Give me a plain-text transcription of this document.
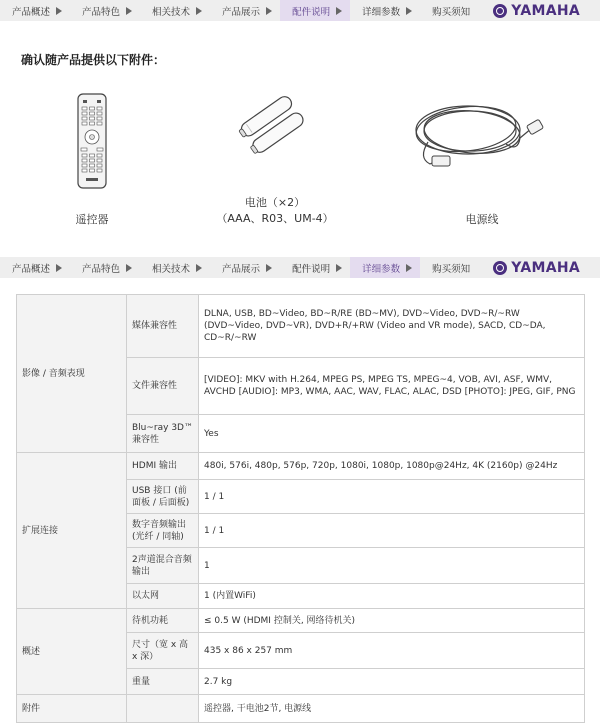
产品概述	产品特色	相关技术	产品展示	配件说明	详细参数	购买须知	YAMAHA
确认随产品提供以下附件：
遥控器
电池（×2）
（AAA、R03、UM-4）	电源线
产品概述	产品特色	相关技术	产品展示	配件说明	详细参数	购买须知	YAMAHA
影像 / 音频表现	媒体兼容性	DLNA, USB, BD~Video, BD~R/RE (BD~MV), DVD~Video, DVD~R/~RW (DVD~Video, DVD~VR), DVD+R/+RW (Video and VR mode), SACD, CD~DA, CD~R/~RW
	文件兼容性	[VIDEO]: MKV with H.264, MPEG PS, MPEG TS, MPEG~4, VOB, AVI, ASF, WMV, AVCHD [AUDIO]: MP3, WMA, AAC, WAV, FLAC, ALAC, DSD [PHOTO]: JPEG, GIF, PNG
	Blu~ray 3D™兼容性	Yes
扩展连接	HDMI 输出	480i, 576i, 480p, 576p, 720p, 1080i, 1080p, 1080p@24Hz, 4K (2160p) @24Hz
	USB 接口 (前面板 / 后面板)	1 / 1
	数字音频输出 (光纤 / 同轴)	1 / 1
	2声道混合音频输出	1
	以太网	1 (内置WiFi)
概述	待机功耗	≤ 0.5 W (HDMI 控制关, 网络待机关)
	尺寸（宽 x 高 x 深）	435 x 86 x 257 mm
	重量	2.7 kg
附件		遥控器, 干电池2节, 电源线
